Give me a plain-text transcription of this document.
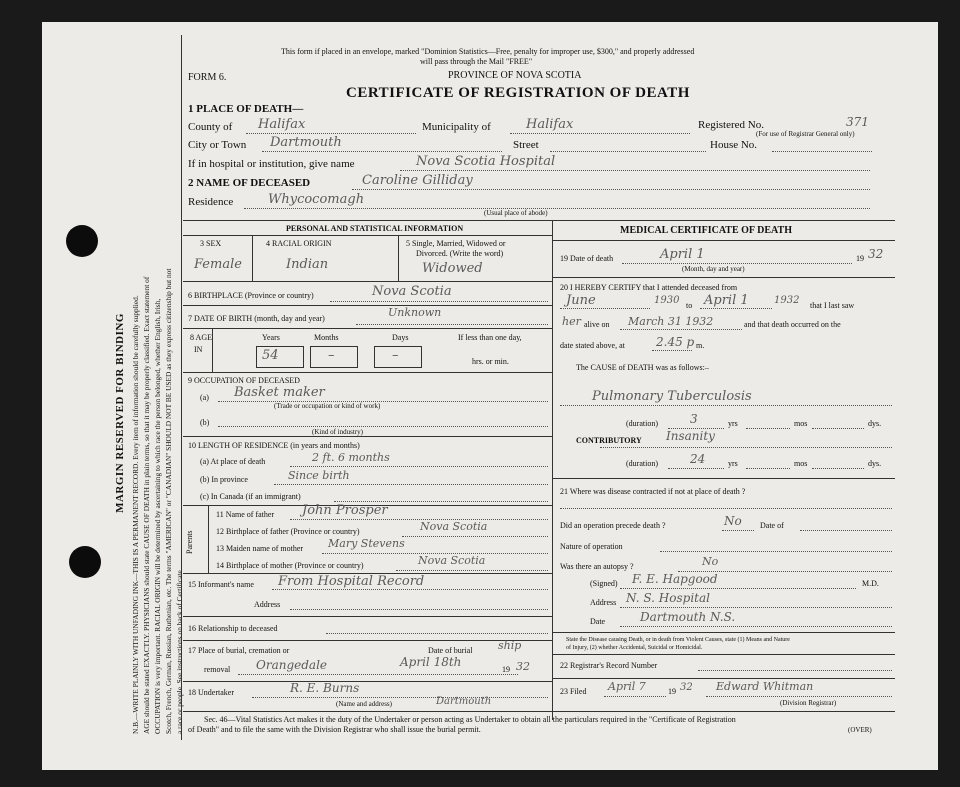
MARGIN RESERVED FOR BINDING N.B.—WRITE PLAINLY WITH UNFADING INK—THIS IS A PERMANENT RECORD. Every item of information should be carefully supplied. AGE should be stated EXACTLY. PHYSICIANS should state CAUSE OF DEATH in plain terms, so that it may be properly classified. Exact statement of OCCUPATION is very important. RACIAL ORIGIN will be determined by ascertaining to which race the person belonged, whether English, Irish, Scotch, French, German, Russian, Ruthenian, etc. The terms "AMERICAN" or "CANADIAN" SHOULD NOT BE USED as they express citizenship but not a race or people. See instructions on back of Certificate.
This form if placed in an envelope, marked "Dominion Statistics—Free, penalty for improper use, $300," and properly addressed
will pass through the Mail "FREE"
PROVINCE OF NOVA SCOTIA
FORM 6.
CERTIFICATE OF REGISTRATION OF DEATH
1 PLACE OF DEATH—
County of Halifax	Municipality of	Halifax	Registered No.	371
(For use of Registrar General only)
City or Town Dartmouth	Street	House No.
If in hospital or institution, give name	Nova Scotia Hospital
2 NAME OF DECEASED	Caroline Gilliday
Residence	Whycocomagh
(Usual place of abode)
PERSONAL AND STATISTICAL INFORMATION
3 SEX	4 RACIAL ORIGIN	5 Single, Married, Widowed or
Divorced. (Write the word)
Female	Indian	Widowed
6 BIRTHPLACE (Province or country)	Nova Scotia
7 DATE OF BIRTH (month, day and year)	Unknown
8 AGE
IN
Years
54
Months
–
Days
–
If less than one day,
hrs. or min.
9 OCCUPATION OF DECEASED
(a) Basket maker
(Trade or occupation or kind of work)
(b)
(Kind of industry)
10 LENGTH OF RESIDENCE (in years and months)
(a) At place of death	2 ft. 6 months
(b) In province	Since birth
(c) In Canada (if an immigrant)
Parents
11 Name of father John Prosper
12 Birthplace of father (Province or country)	Nova Scotia
13 Maiden name of mother Mary Stevens
14 Birthplace of mother (Province or country)	Nova Scotia
15 Informant's name From Hospital Record
Address
16 Relationship to deceased
17 Place of burial, cremation or	Date of burial ship
removal Orangedale	April 18th
19 32
18 Undertaker	R. E. Burns
Dartmouth
(Name and address)
MEDICAL CERTIFICATE OF DEATH
19 Date of death	April 1	19 32
(Month, day and year)
20 I HEREBY CERTIFY that I attended deceased from
June	1930 to April 1	1932 that I last saw
her alive on March 31 1932	and that death occurred on the
date stated above, at	2.45 p m.
The CAUSE of DEATH was as follows:–
Pulmonary Tuberculosis
(duration)	3	yrs	mos	dys.
CONTRIBUTORY Insanity
(duration)	24	yrs	mos	dys.
21 Where was disease contracted if not at place of death ?
Did an operation precede death ?	No Date of
Nature of operation
Was there an autopsy ?	No
(Signed) F. E. Hapgood	M.D.
Address N. S. Hospital
Date	Dartmouth N.S.
State the Disease causing Death, or in death from Violent Causes, state (1) Means and Nature
of Injury, (2) whether Accidental, Suicidal or Homicidal.
22 Registrar's Record Number
23 Filed April 7	19 32 Edward Whitman
(Division Registrar)
Sec. 46—Vital Statistics Act makes it the duty of the Undertaker or person acting as Undertaker to obtain all the particulars required in the "Certificate of Registration
of Death" and to file the same with the Division Registrar who shall issue the burial permit.	(OVER)
